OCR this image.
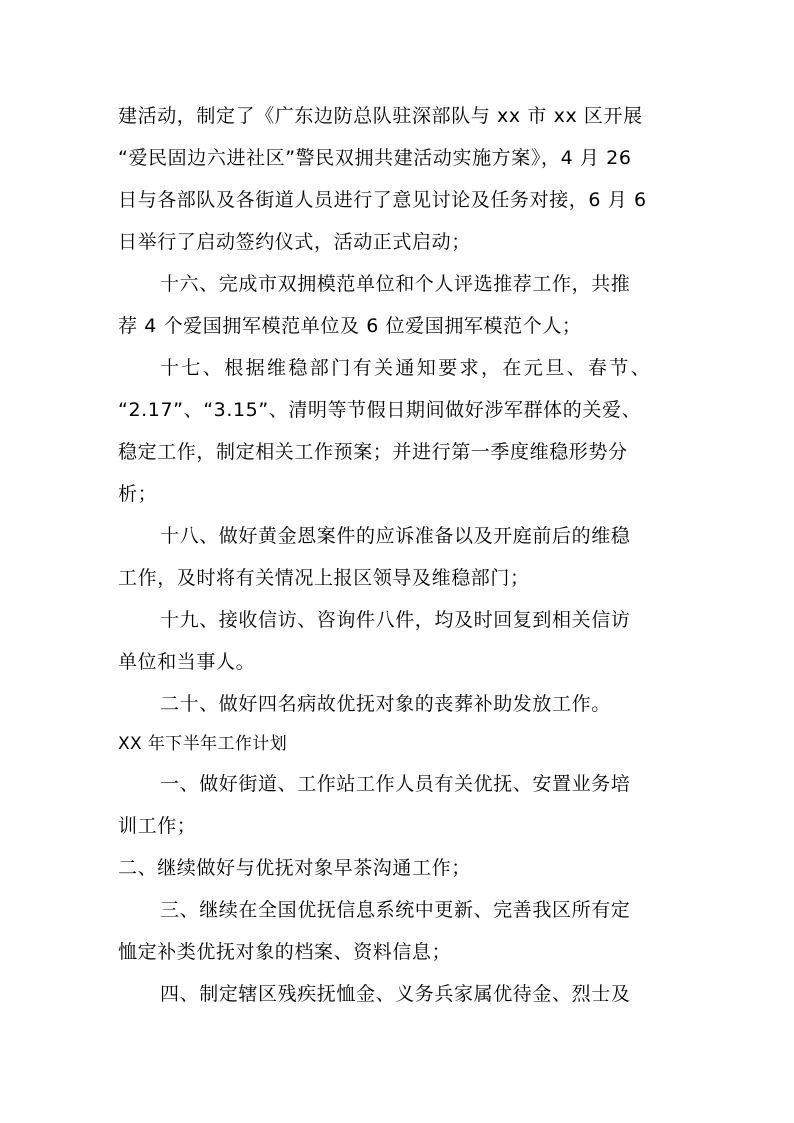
建活动，制定了《广东边防总队驻深部队与 xx 市 xx 区开展
“爱民固边六进社区”警民双拥共建活动实施方案》，4 月 26
日与各部队及各街道人员进行了意见讨论及任务对接，6 月 6
日举行了启动签约仪式，活动正式启动；
十六、完成市双拥模范单位和个人评选推荐工作，共推
荐 4 个爱国拥军模范单位及 6 位爱国拥军模范个人；
十七、根据维稳部门有关通知要求，在元旦、春节、
“2.17”、“3.15”、清明等节假日期间做好涉军群体的关爱、
稳定工作，制定相关工作预案；并进行第一季度维稳形势分
析；
十八、做好黄金恩案件的应诉准备以及开庭前后的维稳
工作，及时将有关情况上报区领导及维稳部门；
十九、接收信访、咨询件八件，均及时回复到相关信访
单位和当事人。
二十、做好四名病故优抚对象的丧葬补助发放工作。
XX 年下半年工作计划
一、做好街道、工作站工作人员有关优抚、安置业务培
训工作；
二、继续做好与优抚对象早茶沟通工作；
三、继续在全国优抚信息系统中更新、完善我区所有定
恤定补类优抚对象的档案、资料信息；
四、制定辖区残疾抚恤金、义务兵家属优待金、烈士及
